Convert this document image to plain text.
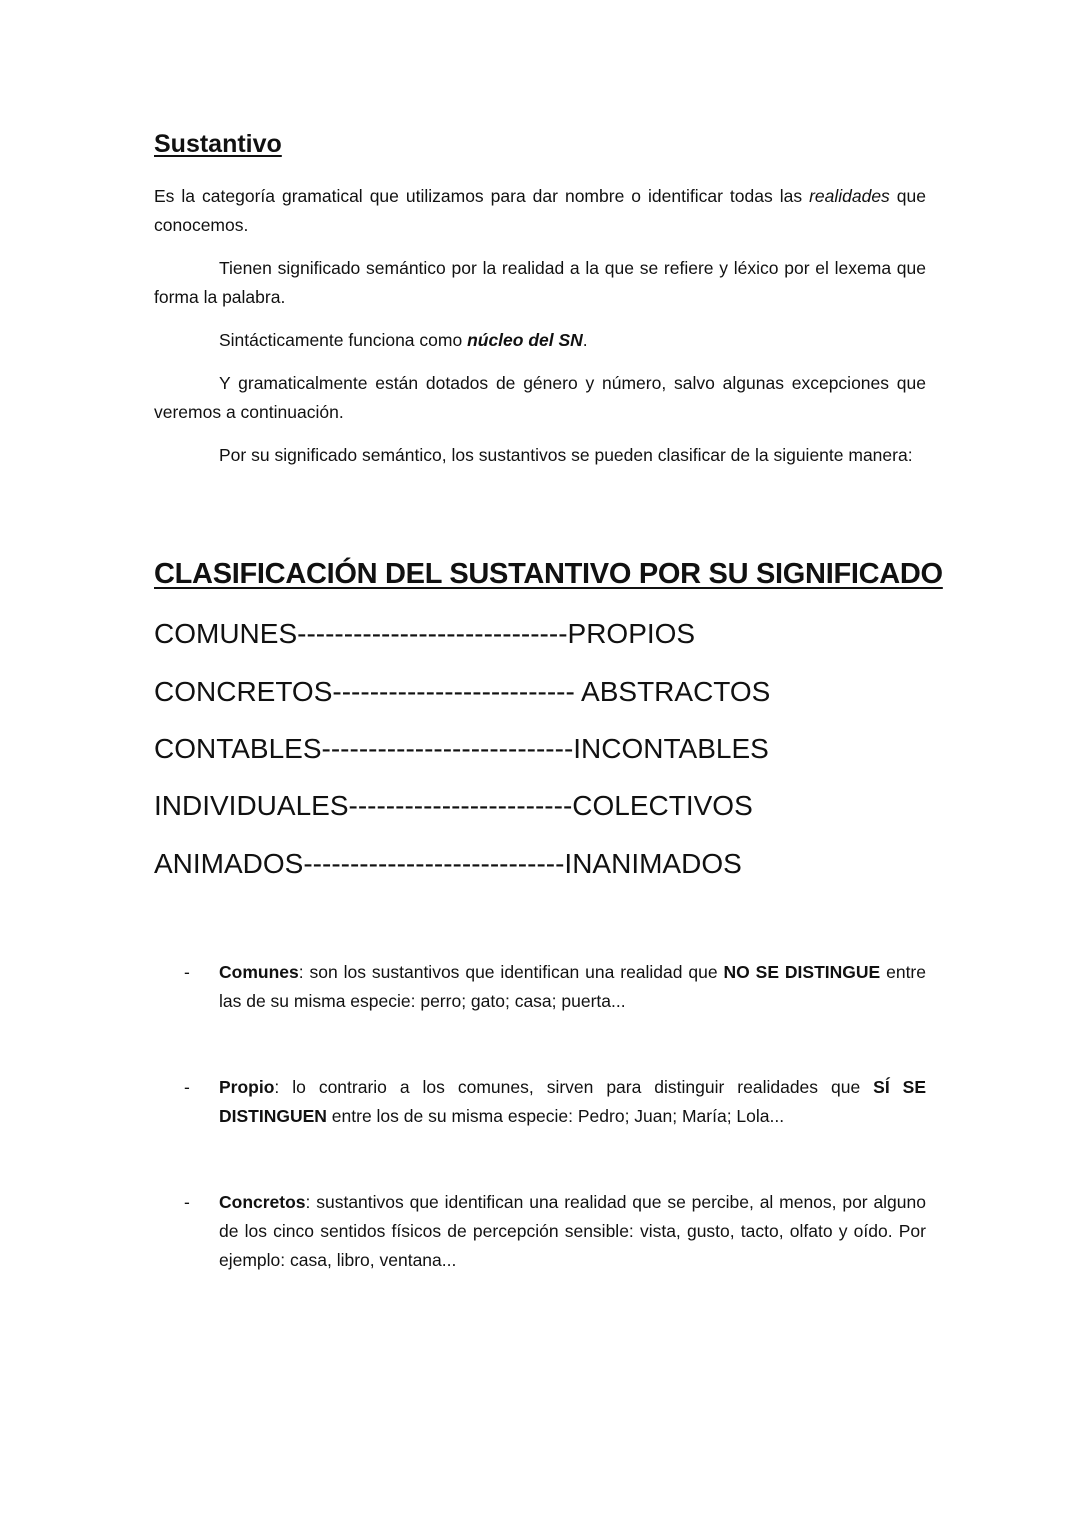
Sustantivo

Es la categoría gramatical que utilizamos para dar nombre o identificar todas las realidades que conocemos.

Tienen significado semántico por la realidad a la que se refiere y léxico por el lexema que forma la palabra.

Sintácticamente funciona como núcleo del SN.

Y gramaticalmente están dotados de género y número, salvo algunas excepciones que veremos a continuación.

Por su significado semántico, los sustantivos se pueden clasificar de la siguiente manera:

CLASIFICACIÓN DEL SUSTANTIVO POR SU SIGNIFICADO

COMUNES-----------------------------PROPIOS

CONCRETOS-------------------------- ABSTRACTOS

CONTABLES---------------------------INCONTABLES

INDIVIDUALES------------------------COLECTIVOS

ANIMADOS----------------------------INANIMADOS

- Comunes: son los sustantivos que identifican una realidad que NO SE DISTINGUE entre las de su misma especie: perro; gato; casa; puerta...

- Propio: lo contrario a los comunes, sirven para distinguir realidades que SÍ SE DISTINGUEN entre los de su misma especie: Pedro; Juan; María; Lola...

- Concretos: sustantivos que identifican una realidad que se percibe, al menos, por alguno de los cinco sentidos físicos de percepción sensible: vista, gusto, tacto, olfato y oído. Por ejemplo: casa, libro, ventana...
